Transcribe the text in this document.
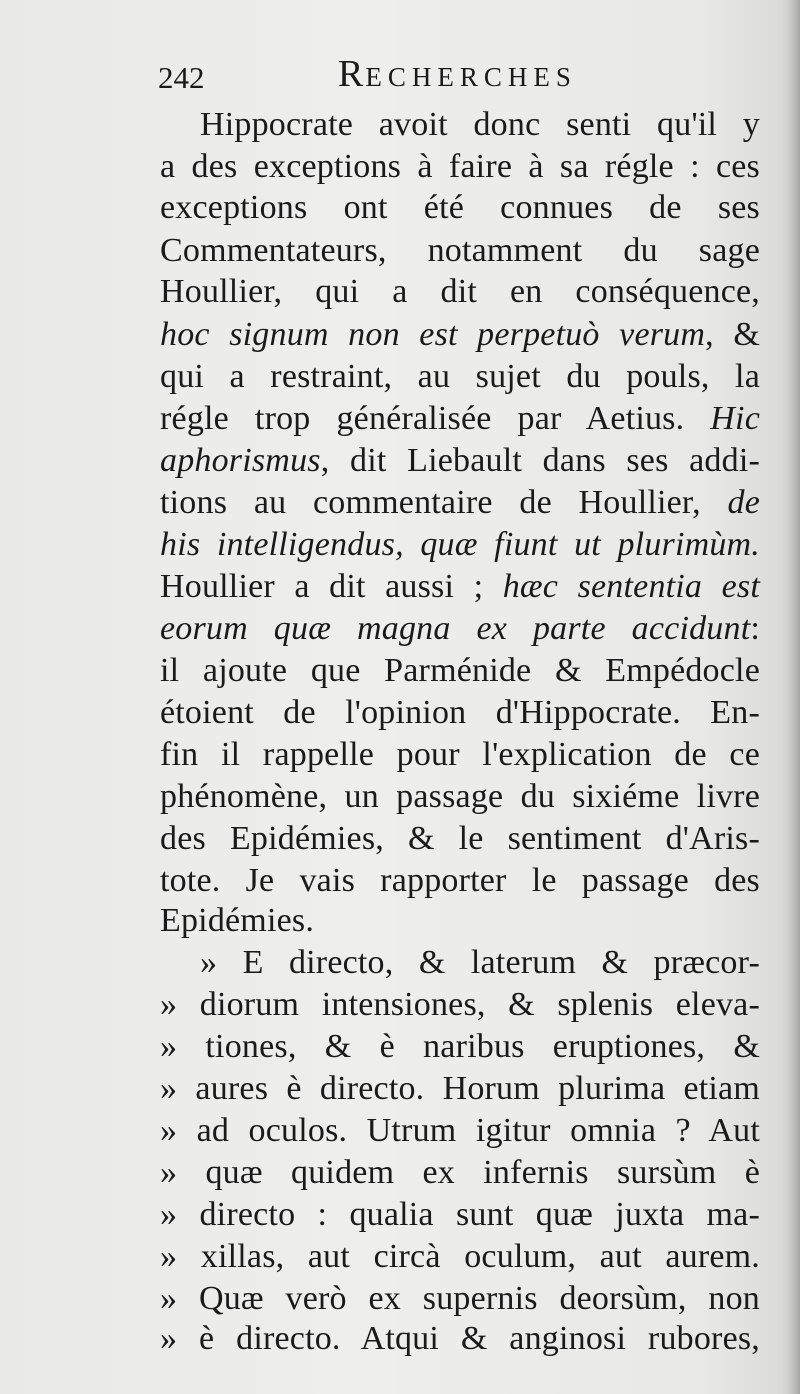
242	RECHERCHES
Hippocrate avoit donc senti qu'il y
a des exceptions à faire à sa régle : ces
exceptions ont été connues de ses
Commentateurs, notamment du sage
Houllier, qui a dit en conséquence,
hoc signum non est perpetuò verum, &
qui a restraint, au sujet du pouls, la
régle trop généralisée par Aetius. Hic
aphorismus, dit Liebault dans ses addi-
tions au commentaire de Houllier, de
his intelligendus, quæ fiunt ut plurimùm.
Houllier a dit aussi ; hæc sententia est
eorum quæ magna ex parte accidunt:
il ajoute que Parménide & Empédocle
étoient de l'opinion d'Hippocrate. En-
fin il rappelle pour l'explication de ce
phénomène, un passage du sixiéme livre
des Epidémies, & le sentiment d'Aris-
tote. Je vais rapporter le passage des
Epidémies.
» E directo, & laterum & præcor-
» diorum intensiones, & splenis eleva-
» tiones, & è naribus eruptiones, &
» aures è directo. Horum plurima etiam
» ad oculos. Utrum igitur omnia ? Aut
» quæ quidem ex infernis sursùm è
» directo : qualia sunt quæ juxta ma-
» xillas, aut circà oculum, aut aurem.
» Quæ verò ex supernis deorsùm, non
» è directo. Atqui & anginosi rubores,
